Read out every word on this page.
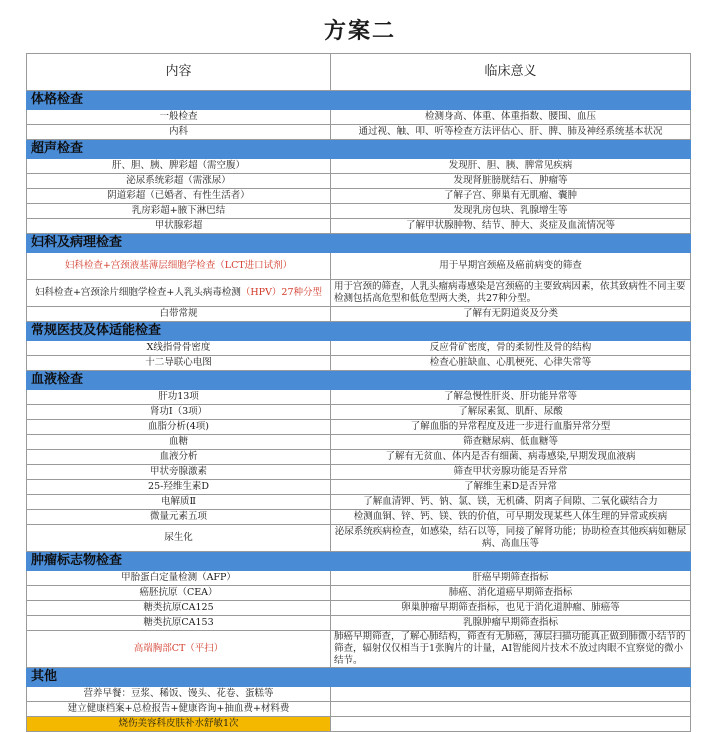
方案二
内容	临床意义
体格检查	
一般检查	检测身高、体重、体重指数、腰围、血压
内科	通过视、触、叩、听等检查方法评估心、肝、脾、肺及神经系统基本状况
超声检查	
肝、胆、胰、脾彩超（需空腹）	发现肝、胆、胰、脾常见疾病
泌尿系统彩超（需涨尿）	发现肾脏膀胱结石、肿瘤等
阴道彩超（已婚者、有性生活者）	了解子宫、卵巢有无肌瘤、囊肿
乳房彩超+腋下淋巴结	发现乳房包块、乳腺增生等
甲状腺彩超	了解甲状腺肿物、结节、肿大、炎症及血流情况等
妇科及病理检查	
妇科检查+宫颈液基薄层细胞学检查（LCT进口试剂）	用于早期宫颈癌及癌前病变的筛查
妇科检查+宫颈涂片细胞学检查+人乳头病毒检测（HPV）27种分型	用于宫颈的筛查，人乳头瘤病毒感染是宫颈癌的主要致病因素，依其致病性不同主要检测包括高危型和低危型两大类，共27种分型。
白带常规	了解有无阴道炎及分类
常规医技及体适能检查	
X线指骨骨密度	反应骨矿密度，骨的柔韧性及骨的结构
十二导联心电图	检查心脏缺血、心肌梗死、心律失常等
血液检查	
肝功13项	了解急慢性肝炎、肝功能异常等
肾功Ⅰ（3项）	了解尿素氮、肌酐、尿酸
血脂分析(4项)	了解血脂的异常程度及进一步进行血脂异常分型
血糖	筛查糖尿病、低血糖等
血液分析	了解有无贫血、体内是否有细菌、病毒感染,早期发现血液病
甲状旁腺激素	筛查甲状旁腺功能是否异常
25-羟维生素D	了解维生素D是否异常
电解质Ⅱ	了解血清钾、钙、钠、氯、镁，无机磷、阴离子间隙、二氧化碳结合力
微量元素五项	检测血铜、锌、钙、镁、铁的价值，可早期发现某些人体生理的异常或疾病
尿生化	泌尿系统疾病检查，如感染，结石以等，同接了解肾功能；协助检查其他疾病如糖尿病、高血压等
肿瘤标志物检查	
甲胎蛋白定量检测（AFP）	肝癌早期筛查指标
癌胚抗原（CEA）	肺癌、消化道癌早期筛查指标
糖类抗原CA125	卵巢肿瘤早期筛查指标，也见于消化道肿瘤、肺癌等
糖类抗原CA153	乳腺肿瘤早期筛查指标
高端胸部CT（平扫）	肺癌早期筛查，了解心肺结构，筛查有无肺癌，薄层扫描功能真正做到肺微小结节的筛查，辐射仅仅相当于1张胸片的计量，AI智能阅片技术不放过肉眼不宜察觉的微小结节。
其他	
营养早餐：豆浆、稀饭、馒头、花卷、蛋糕等	
建立健康档案+总检报告+健康咨询+抽血费+材料费	
烧伤美容科皮肤补水舒敏1次	
